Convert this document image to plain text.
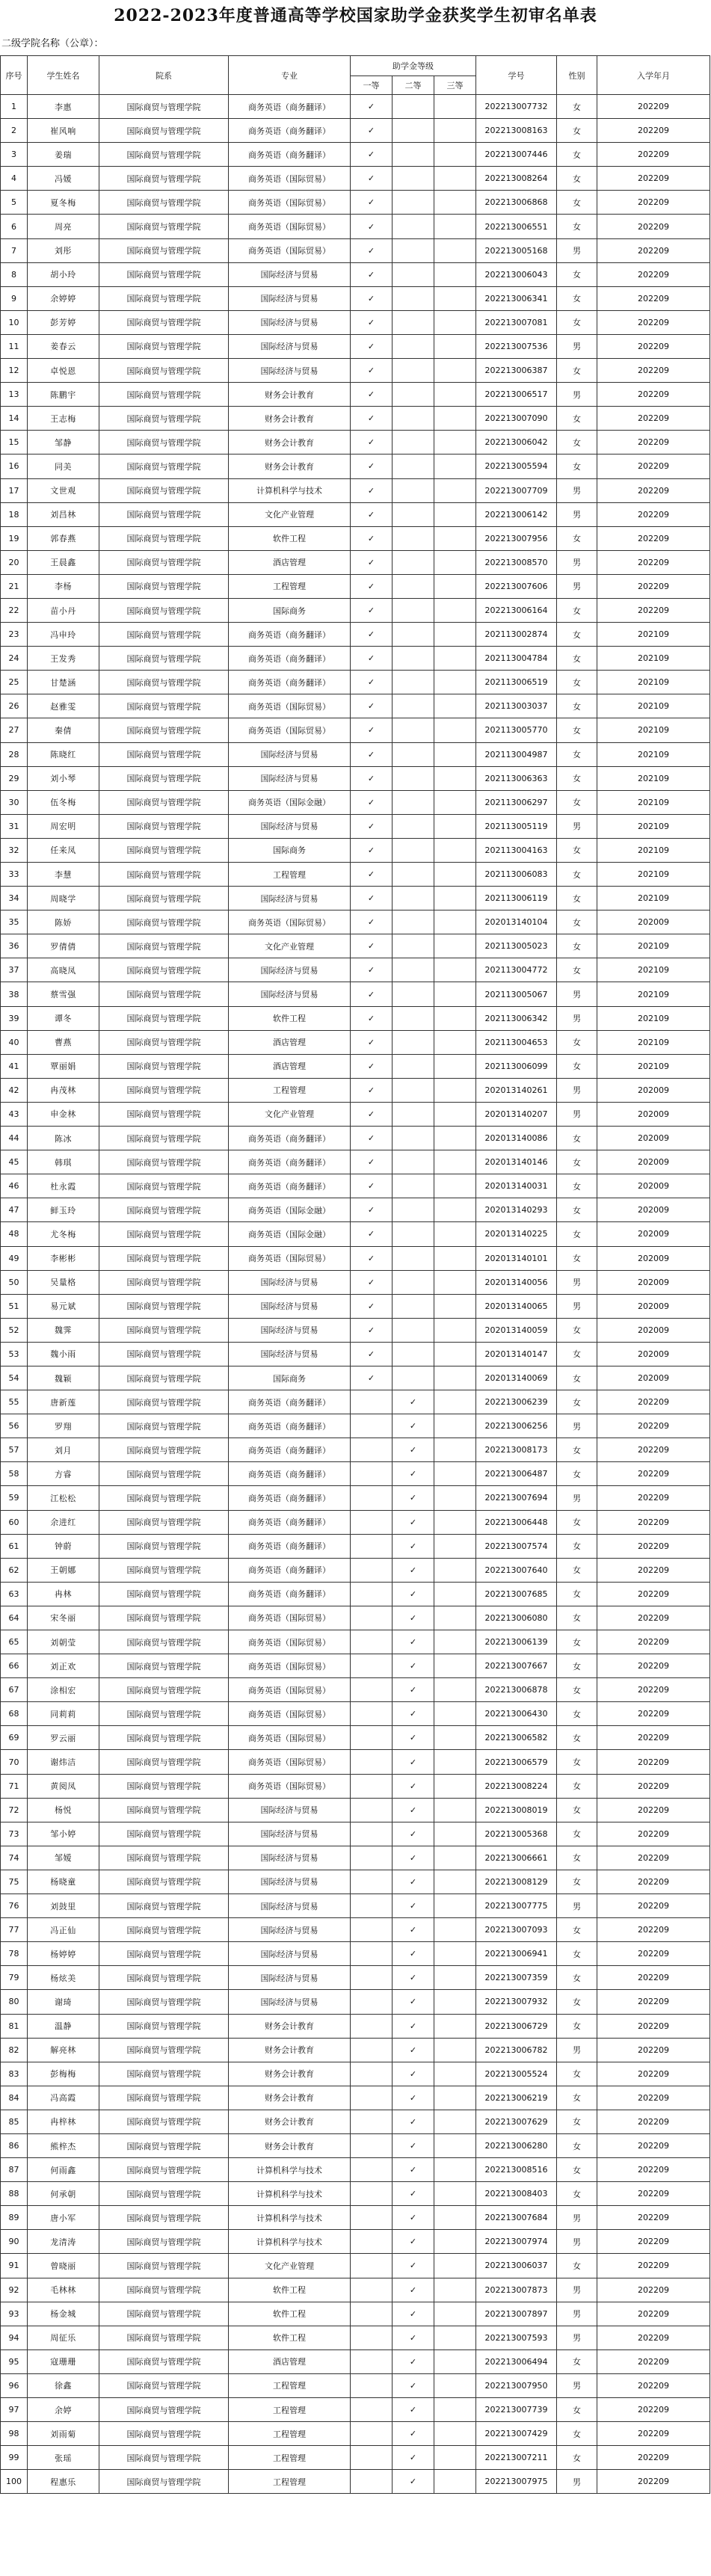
2022-2023年度普通高等学校国家助学金获奖学生初审名单表
二级学院名称（公章）：
序号	学生姓名	院系	专业	助学金等级			学号	性别	入学年月
				一等	二等	三等			
1	李惠	国际商贸与管理学院	商务英语（商务翻译）	✓			202213007732	女	202209
2	崔风响	国际商贸与管理学院	商务英语（商务翻译）	✓			202213008163	女	202209
3	姜瑞	国际商贸与管理学院	商务英语（商务翻译）	✓			202213007446	女	202209
4	冯媛	国际商贸与管理学院	商务英语（国际贸易）	✓			202213008264	女	202209
5	夏冬梅	国际商贸与管理学院	商务英语（国际贸易）	✓			202213006868	女	202209
6	周亮	国际商贸与管理学院	商务英语（国际贸易）	✓			202213006551	女	202209
7	刘彤	国际商贸与管理学院	商务英语（国际贸易）	✓			202213005168	男	202209
8	胡小玲	国际商贸与管理学院	国际经济与贸易	✓			202213006043	女	202209
9	余婷婷	国际商贸与管理学院	国际经济与贸易	✓			202213006341	女	202209
10	彭芳婷	国际商贸与管理学院	国际经济与贸易	✓			202213007081	女	202209
11	姜春云	国际商贸与管理学院	国际经济与贸易	✓			202213007536	男	202209
12	卓悦恩	国际商贸与管理学院	国际经济与贸易	✓			202213006387	女	202209
13	陈鹏宇	国际商贸与管理学院	财务会计教育	✓			202213006517	男	202209
14	王志梅	国际商贸与管理学院	财务会计教育	✓			202213007090	女	202209
15	邹静	国际商贸与管理学院	财务会计教育	✓			202213006042	女	202209
16	同美	国际商贸与管理学院	财务会计教育	✓			202213005594	女	202209
17	文世观	国际商贸与管理学院	计算机科学与技术	✓			202213007709	男	202209
18	刘昌林	国际商贸与管理学院	文化产业管理	✓			202213006142	男	202209
19	郭春燕	国际商贸与管理学院	软件工程	✓			202213007956	女	202209
20	王晨鑫	国际商贸与管理学院	酒店管理	✓			202213008570	男	202209
21	李杨	国际商贸与管理学院	工程管理	✓			202213007606	男	202209
22	苗小丹	国际商贸与管理学院	国际商务	✓			202213006164	女	202209
23	冯申玲	国际商贸与管理学院	商务英语（商务翻译）	✓			202113002874	女	202109
24	王发秀	国际商贸与管理学院	商务英语（商务翻译）	✓			202113004784	女	202109
25	甘楚涵	国际商贸与管理学院	商务英语（商务翻译）	✓			202113006519	女	202109
26	赵雅雯	国际商贸与管理学院	商务英语（国际贸易）	✓			202113003037	女	202109
27	秦倩	国际商贸与管理学院	商务英语（国际贸易）	✓			202113005770	女	202109
28	陈晓红	国际商贸与管理学院	国际经济与贸易	✓			202113004987	女	202109
29	刘小琴	国际商贸与管理学院	国际经济与贸易	✓			202113006363	女	202109
30	伍冬梅	国际商贸与管理学院	商务英语（国际金融）	✓			202113006297	女	202109
31	周宏明	国际商贸与管理学院	国际经济与贸易	✓			202113005119	男	202109
32	任来凤	国际商贸与管理学院	国际商务	✓			202113004163	女	202109
33	李慧	国际商贸与管理学院	工程管理	✓			202113006083	女	202109
34	周晓学	国际商贸与管理学院	国际经济与贸易	✓			202113006119	女	202109
35	陈娇	国际商贸与管理学院	商务英语（国际贸易）	✓			202013140104	女	202009
36	罗倩倩	国际商贸与管理学院	文化产业管理	✓			202113005023	女	202109
37	高晓凤	国际商贸与管理学院	国际经济与贸易	✓			202113004772	女	202109
38	蔡雪强	国际商贸与管理学院	国际经济与贸易	✓			202113005067	男	202109
39	谭冬	国际商贸与管理学院	软件工程	✓			202113006342	男	202109
40	曹燕	国际商贸与管理学院	酒店管理	✓			202113004653	女	202109
41	覃丽娟	国际商贸与管理学院	酒店管理	✓			202113006099	女	202109
42	冉茂林	国际商贸与管理学院	工程管理	✓			202013140261	男	202009
43	申金林	国际商贸与管理学院	文化产业管理	✓			202013140207	男	202009
44	陈冰	国际商贸与管理学院	商务英语（商务翻译）	✓			202013140086	女	202009
45	韩琪	国际商贸与管理学院	商务英语（商务翻译）	✓			202013140146	女	202009
46	杜永霞	国际商贸与管理学院	商务英语（商务翻译）	✓			202013140031	女	202009
47	鲜玉玲	国际商贸与管理学院	商务英语（国际金融）	✓			202013140293	女	202009
48	尤冬梅	国际商贸与管理学院	商务英语（国际金融）	✓			202013140225	女	202009
49	李彬彬	国际商贸与管理学院	商务英语（国际贸易）	✓			202013140101	女	202009
50	吴量格	国际商贸与管理学院	国际经济与贸易	✓			202013140056	男	202009
51	易元斌	国际商贸与管理学院	国际经济与贸易	✓			202013140065	男	202009
52	魏霁	国际商贸与管理学院	国际经济与贸易	✓			202013140059	女	202009
53	魏小雨	国际商贸与管理学院	国际经济与贸易	✓			202013140147	女	202009
54	魏颖	国际商贸与管理学院	国际商务	✓			202013140069	女	202009
55	唐新莲	国际商贸与管理学院	商务英语（商务翻译）		✓		202213006239	女	202209
56	罗翔	国际商贸与管理学院	商务英语（商务翻译）		✓		202213006256	男	202209
57	刘月	国际商贸与管理学院	商务英语（商务翻译）		✓		202213008173	女	202209
58	方睿	国际商贸与管理学院	商务英语（商务翻译）		✓		202213006487	女	202209
59	江松松	国际商贸与管理学院	商务英语（商务翻译）		✓		202213007694	男	202209
60	余进红	国际商贸与管理学院	商务英语（商务翻译）		✓		202213006448	女	202209
61	钟蔚	国际商贸与管理学院	商务英语（商务翻译）		✓		202213007574	女	202209
62	王朝娜	国际商贸与管理学院	商务英语（商务翻译）		✓		202213007640	女	202209
63	冉林	国际商贸与管理学院	商务英语（商务翻译）		✓		202213007685	女	202209
64	宋冬丽	国际商贸与管理学院	商务英语（国际贸易）		✓		202213006080	女	202209
65	刘朝莹	国际商贸与管理学院	商务英语（国际贸易）		✓		202213006139	女	202209
66	刘正欢	国际商贸与管理学院	商务英语（国际贸易）		✓		202213007667	女	202209
67	涂相宏	国际商贸与管理学院	商务英语（国际贸易）		✓		202213006878	女	202209
68	同莉莉	国际商贸与管理学院	商务英语（国际贸易）		✓		202213006430	女	202209
69	罗云丽	国际商贸与管理学院	商务英语（国际贸易）		✓		202213006582	女	202209
70	谢炜洁	国际商贸与管理学院	商务英语（国际贸易）		✓		202213006579	女	202209
71	黄阅凤	国际商贸与管理学院	商务英语（国际贸易）		✓		202213008224	女	202209
72	杨悦	国际商贸与管理学院	国际经济与贸易		✓		202213008019	女	202209
73	邹小婷	国际商贸与管理学院	国际经济与贸易		✓		202213005368	女	202209
74	邹嫒	国际商贸与管理学院	国际经济与贸易		✓		202213006661	女	202209
75	杨晓童	国际商贸与管理学院	国际经济与贸易		✓		202213008129	女	202209
76	刘鼓里	国际商贸与管理学院	国际经济与贸易		✓		202213007775	男	202209
77	冯正仙	国际商贸与管理学院	国际经济与贸易		✓		202213007093	女	202209
78	杨婷婷	国际商贸与管理学院	国际经济与贸易		✓		202213006941	女	202209
79	杨炫美	国际商贸与管理学院	国际经济与贸易		✓		202213007359	女	202209
80	谢琦	国际商贸与管理学院	国际经济与贸易		✓		202213007932	女	202209
81	温静	国际商贸与管理学院	财务会计教育		✓		202213006729	女	202209
82	解亮林	国际商贸与管理学院	财务会计教育		✓		202213006782	男	202209
83	彭梅梅	国际商贸与管理学院	财务会计教育		✓		202213005524	女	202209
84	冯高霞	国际商贸与管理学院	财务会计教育		✓		202213006219	女	202209
85	冉梓林	国际商贸与管理学院	财务会计教育		✓		202213007629	女	202209
86	熊梓杰	国际商贸与管理学院	财务会计教育		✓		202213006280	女	202209
87	何雨鑫	国际商贸与管理学院	计算机科学与技术		✓		202213008516	女	202209
88	何承朝	国际商贸与管理学院	计算机科学与技术		✓		202213008403	女	202209
89	唐小军	国际商贸与管理学院	计算机科学与技术		✓		202213007684	男	202209
90	龙清涛	国际商贸与管理学院	计算机科学与技术		✓		202213007974	男	202209
91	曾晓丽	国际商贸与管理学院	文化产业管理		✓		202213006037	女	202209
92	毛林林	国际商贸与管理学院	软件工程		✓		202213007873	男	202209
93	杨金城	国际商贸与管理学院	软件工程		✓		202213007897	男	202209
94	周征乐	国际商贸与管理学院	软件工程		✓		202213007593	男	202209
95	寇珊珊	国际商贸与管理学院	酒店管理		✓		202213006494	女	202209
96	徐鑫	国际商贸与管理学院	工程管理		✓		202213007950	男	202209
97	余婷	国际商贸与管理学院	工程管理		✓		202213007739	女	202209
98	刘雨菊	国际商贸与管理学院	工程管理		✓		202213007429	女	202209
99	张瑶	国际商贸与管理学院	工程管理		✓		202213007211	女	202209
100	程惠乐	国际商贸与管理学院	工程管理		✓		202213007975	男	202209
